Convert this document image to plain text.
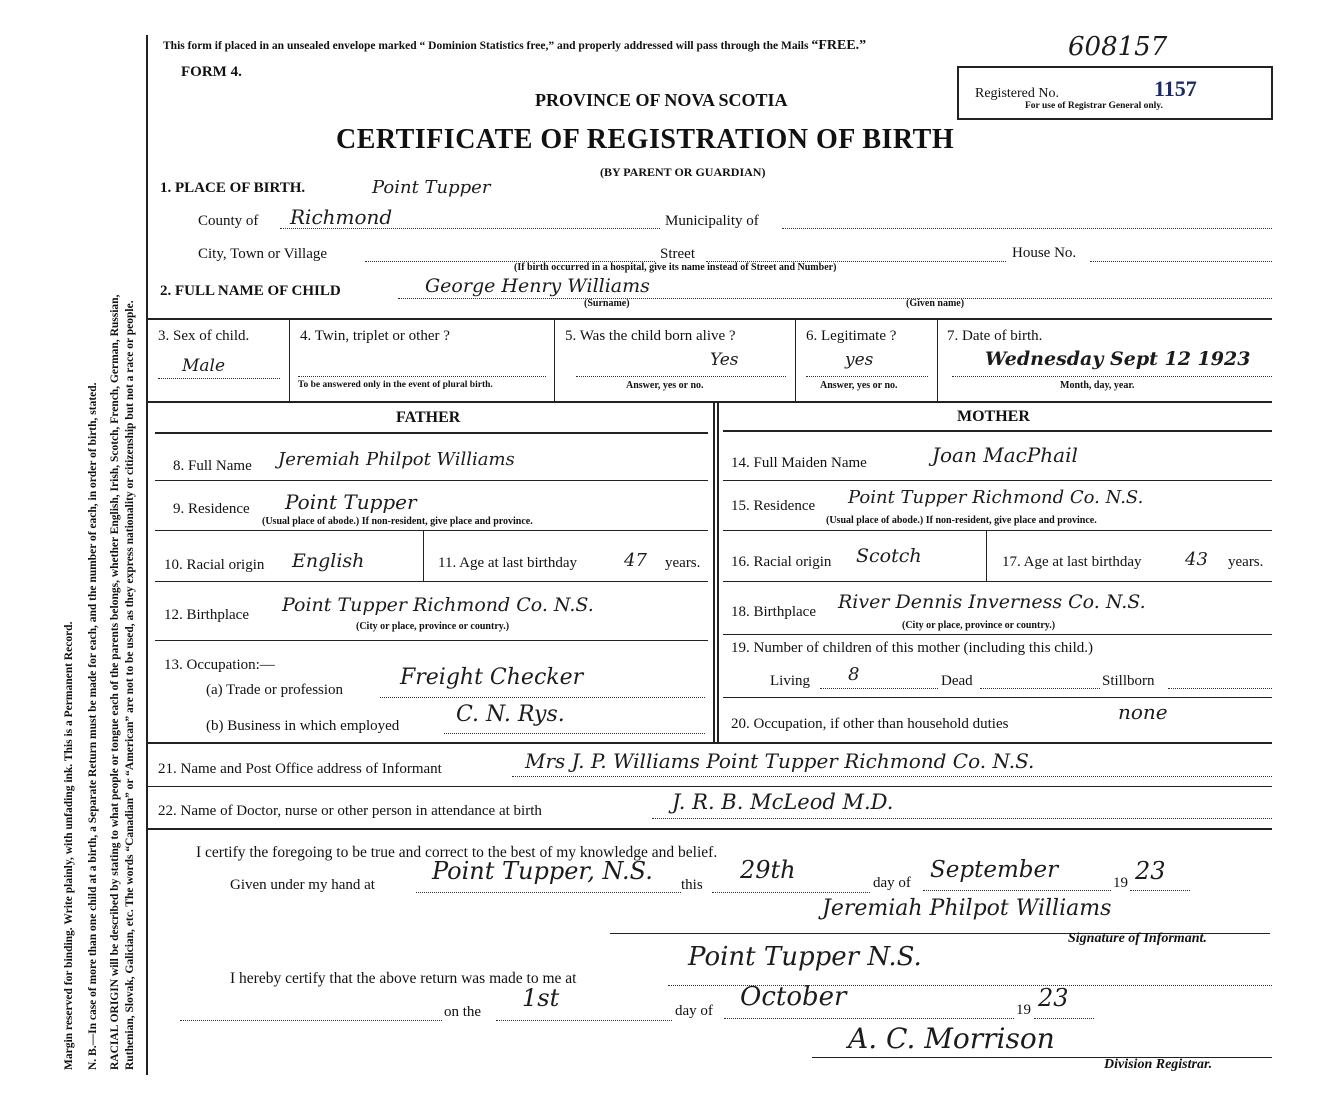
Margin reserved for binding. Write plainly, with unfading ink. This is a Permanent Record. N. B.—In case of more than one child at a birth, a Separate Return must be made for each, and the number of each, in order of birth, stated. RACIAL ORIGIN will be described by stating to what people or tongue each of the parents belongs, whether English, Irish, Scotch, French, German, Russian, Ruthenian, Slovak, Galician, etc. The words “Canadian” or “American” are not to be used, as they express nationality or citizenship but not a race or people.
This form if placed in an unsealed envelope marked “ Dominion Statistics free,” and properly addressed will pass through the Mails “FREE.”	608157
FORM 4.
PROVINCE OF NOVA SCOTIA
CERTIFICATE OF REGISTRATION OF BIRTH
(BY PARENT OR GUARDIAN)
Registered No.	1157
For use of Registrar General only.
1. PLACE OF BIRTH.	Point Tupper
County of Richmond	Municipality of
City, Town or Village	Street	House No.
(If birth occurred in a hospital, give its name instead of Street and Number)
2. FULL NAME OF CHILD	George Henry Williams
(Surname)	(Given name)
3. Sex of child.
Male
4. Twin, triplet or other ?
To be answered only in the event of plural birth.
5. Was the child born alive ?
Yes
Answer, yes or no.
6. Legitimate ?
yes
Answer, yes or no.
7. Date of birth.
Wednesday Sept 12 1923
Month, day, year.
FATHER	MOTHER
8. Full Name Jeremiah Philpot Williams
9. Residence Point Tupper
(Usual place of abode.) If non-resident, give place and province.
10. Racial origin English	11. Age at last birthday	47 years.
12. Birthplace Point Tupper Richmond Co. N.S.
(City or place, province or country.)
13. Occupation:—
(a) Trade or profession	Freight Checker
(b) Business in which employed	C. N. Rys.
14. Full Maiden Name	Joan MacPhail
15. Residence Point Tupper Richmond Co. N.S.
(Usual place of abode.) If non-resident, give place and province.
16. Racial origin Scotch	17. Age at last birthday 43 years.
18. Birthplace River Dennis Inverness Co. N.S.
(City or place, province or country.)
19. Number of children of this mother (including this child.)
Living 8	Dead	Stillborn
20. Occupation, if other than household duties	none
21. Name and Post Office address of Informant	Mrs J. P. Williams Point Tupper Richmond Co. N.S.
22. Name of Doctor, nurse or other person in attendance at birth	J. R. B. McLeod M.D.
I certify the foregoing to be true and correct to the best of my knowledge and belief.
Given under my hand at Point Tupper, N.S. this
29th	day of September	19 23
Jeremiah Philpot Williams
Signature of Informant.
I hereby certify that the above return was made to me at
Point Tupper N.S.
on the 1st	day of October	19 23
A. C. Morrison
Division Registrar.
